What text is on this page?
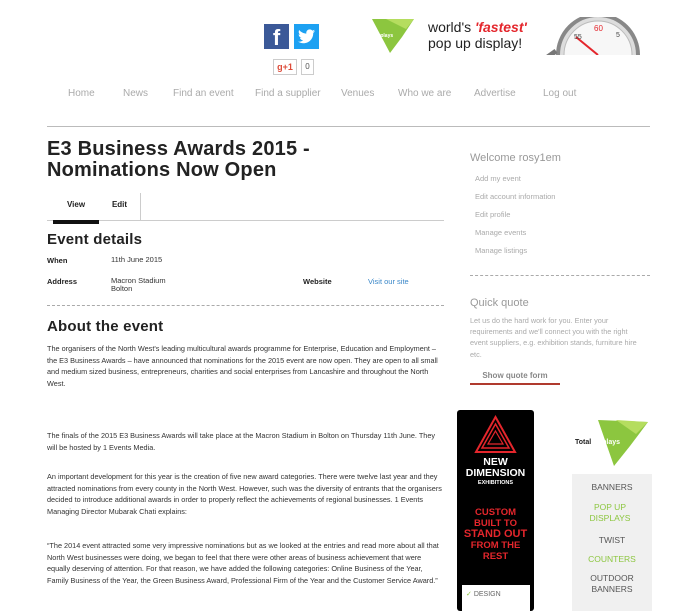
f
g+1	0
TotalDisplays
world's 'fastest'
pop up display!	55
60
5
Home	News Find an event Find a supplier Venues Who we are Advertise	Log out
E3 Business Awards 2015 - Nominations Now Open
View	Edit
Event details
When	11th June 2015
Address	Macron Stadium
Bolton
Website	Visit our site
About the event

The organisers of the North West's leading multicultural awards programme for Enterprise, Education and Employment – the E3 Business Awards – have announced that nominations for the 2015 event are now open. They are open to all small and medium sized business, entrepreneurs, charities and social enterprises from Lancashire and throughout the North West.

The finals of the 2015 E3 Business Awards will take place at the Macron Stadium in Bolton on Thursday 11th June. They will be hosted by 1 Events Media.

An important development for this year is the creation of five new award categories. There were twelve last year and they attracted nominations from every county in the North West. However, such was the diversity of entrants that the organisers decided to introduce additional awards in order to properly reflect the achievements of regional businesses. 1 Events Managing Director Mubarak Chati explains:

“The 2014 event attracted some very impressive nominations but as we looked at the entries and read more about all that North West businesses were doing, we began to feel that there were other areas of business achievement that were equally deserving of attention. For that reason, we have added the following categories: Online Business of the Year, Family Business of the Year, the Green Business Award, Professional Firm of the Year and the Customer Service Award.”

Welcome rosy1em
Add my event
Edit account information
Edit profile
Manage events
Manage listings
Quick quote
Let us do the hard work for you. Enter your requirements and we'll connect you with the right event suppliers, e.g. exhibition stands, furniture hire etc.
Show quote form
NEW
DIMENSION
EXHIBITIONS
CUSTOM
BUILT TO
STAND OUT
FROM THE
REST
✓ DESIGN
TotalDisplays
BANNERS
POP UP DISPLAYS
TWIST
COUNTERS
OUTDOOR BANNERS
